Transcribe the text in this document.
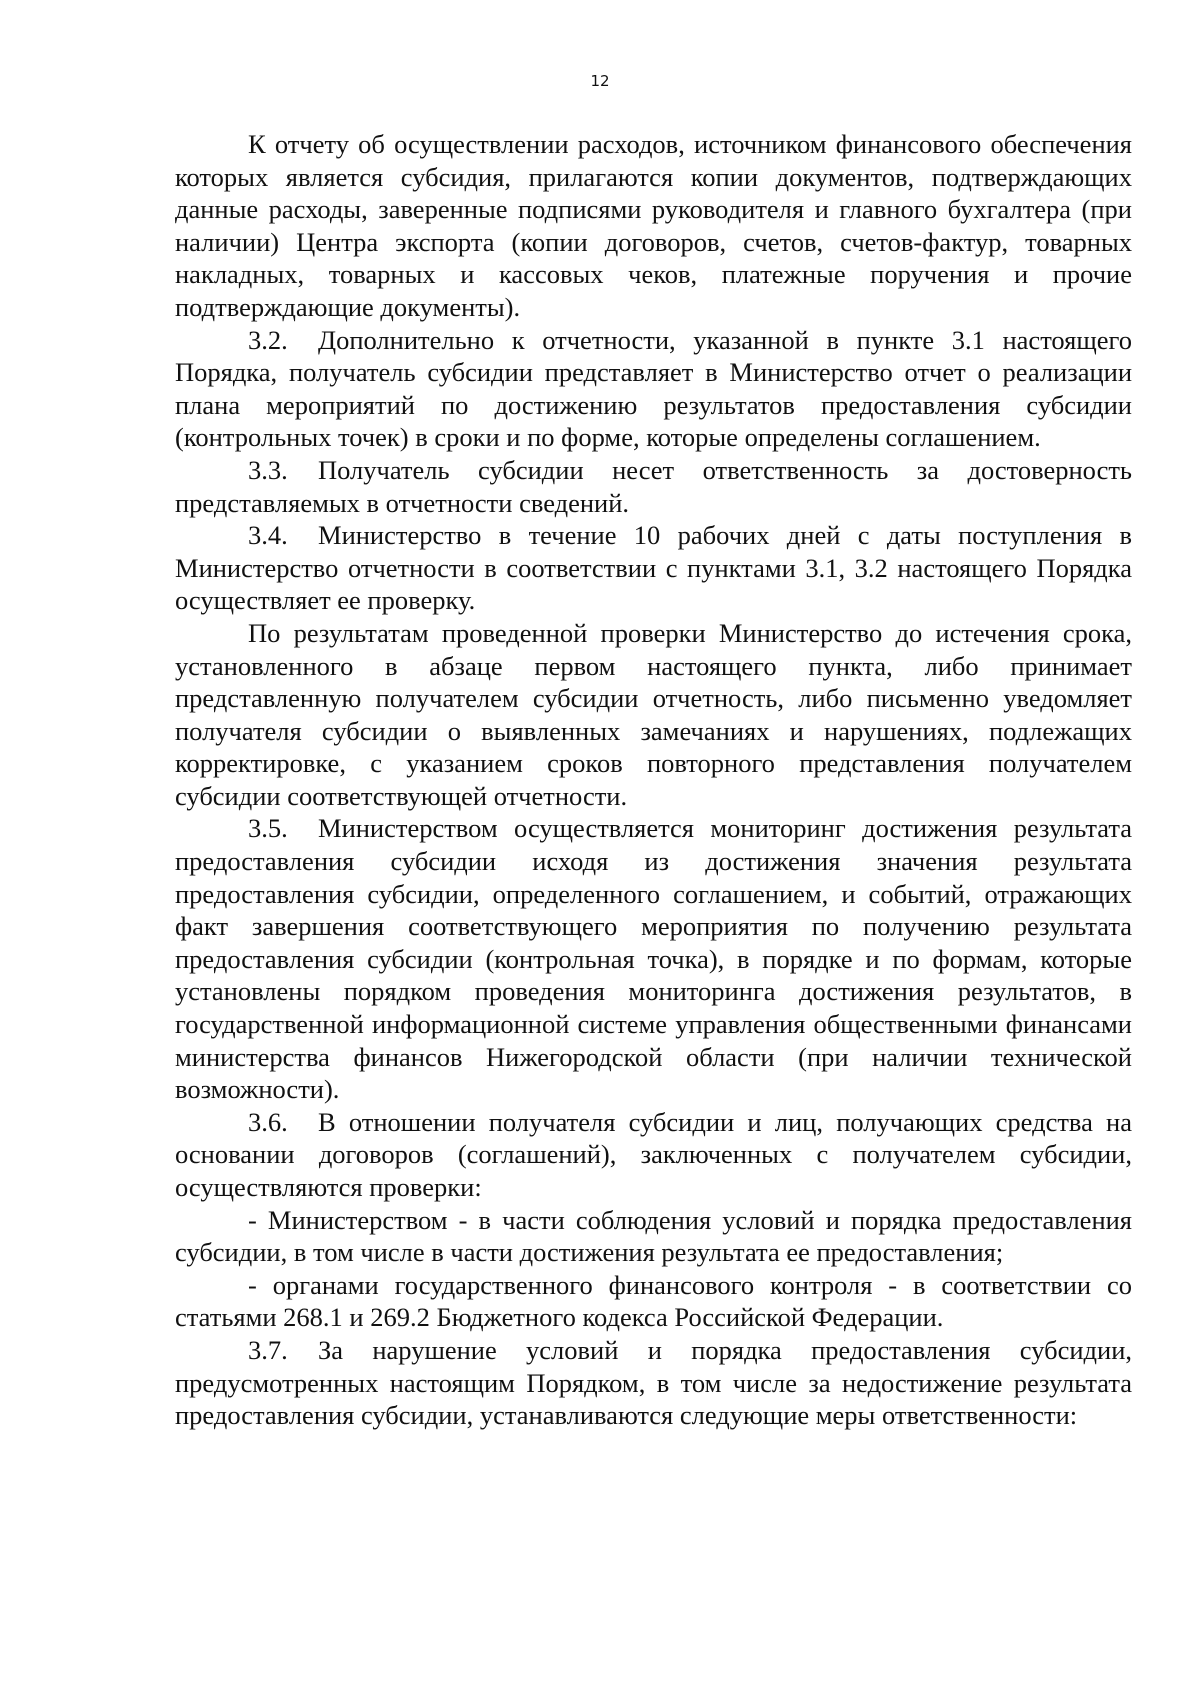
12

К отчету об осуществлении расходов, источником финансового обеспечения которых является субсидия, прилагаются копии документов, подтверждающих данные расходы, заверенные подписями руководителя и главного бухгалтера (при наличии) Центра экспорта (копии договоров, счетов, счетов-фактур, товарных накладных, товарных и кассовых чеков, платежные поручения и прочие подтверждающие документы).

3.2. Дополнительно к отчетности, указанной в пункте 3.1 настоящего Порядка, получатель субсидии представляет в Министерство отчет о реализации плана мероприятий по достижению результатов предоставления субсидии (контрольных точек) в сроки и по форме, которые определены соглашением.

3.3. Получатель субсидии несет ответственность за достоверность представляемых в отчетности сведений.

3.4. Министерство в течение 10 рабочих дней с даты поступления в Министерство отчетности в соответствии с пунктами 3.1, 3.2 настоящего Порядка осуществляет ее проверку.

По результатам проведенной проверки Министерство до истечения срока, установленного в абзаце первом настоящего пункта, либо принимает представленную получателем субсидии отчетность, либо письменно уведомляет получателя субсидии о выявленных замечаниях и нарушениях, подлежащих корректировке, с указанием сроков повторного представления получателем субсидии соответствующей отчетности.

3.5. Министерством осуществляется мониторинг достижения результата предоставления субсидии исходя из достижения значения результата предоставления субсидии, определенного соглашением, и событий, отражающих факт завершения соответствующего мероприятия по получению результата предоставления субсидии (контрольная точка), в порядке и по формам, которые установлены порядком проведения мониторинга достижения результатов, в государственной информационной системе управления общественными финансами министерства финансов Нижегородской области (при наличии технической возможности).

3.6. В отношении получателя субсидии и лиц, получающих средства на основании договоров (соглашений), заключенных с получателем субсидии, осуществляются проверки:

- Министерством - в части соблюдения условий и порядка предоставления субсидии, в том числе в части достижения результата ее предоставления;

- органами государственного финансового контроля - в соответствии со статьями 268.1 и 269.2 Бюджетного кодекса Российской Федерации.

3.7. За нарушение условий и порядка предоставления субсидии, предусмотренных настоящим Порядком, в том числе за недостижение результата предоставления субсидии, устанавливаются следующие меры ответственности:
